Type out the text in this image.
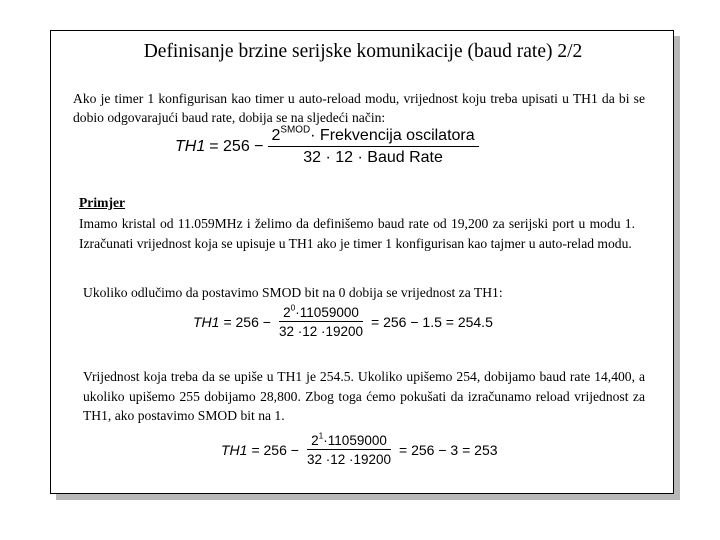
Definisanje brzine serijske komunikacije (baud rate) 2/2
Ako je timer 1 konfigurisan kao timer u auto-reload modu, vrijednost koju treba upisati u TH1 da bi se dobio odgovarajući baud rate, dobija se na sljedeći način:
$TH1 = 256 - \frac{2^{SMOD}\cdot Frekvencija oscilatora}{\text{32 · 12 · Baud Rate}}$
Primjer
Imamo kristal od 11.059MHz i želimo da definišemo baud rate od 19,200 za serijski port u modu 1. Izračunati vrijednost koja se upisuje u TH1 ako je timer 1 konfigurisan kao tajmer u auto-relad modu.
Ukoliko odlučimo da postavimo SMOD bit na 0 dobija se vrijednost za TH1:
$TH1 = 256 - \frac{2^0\cdot 11059000}{32 \cdot 12 \cdot 19200} = 256 - 1.5 = 254.5$
Vrijednost koja treba da se upiše u TH1 je 254.5. Ukoliko upišemo 254, dobijamo baud rate 14,400, a ukoliko upišemo 255 dobijamo 28,800. Zbog toga ćemo pokušati da izračunamo reload vrijednost za TH1, ako postavimo SMOD bit na 1.
$TH1 = 256 - \frac{2^1\cdot 11059000}{32 \cdot 12 \cdot 19200} = 256 - 3 = 253$
